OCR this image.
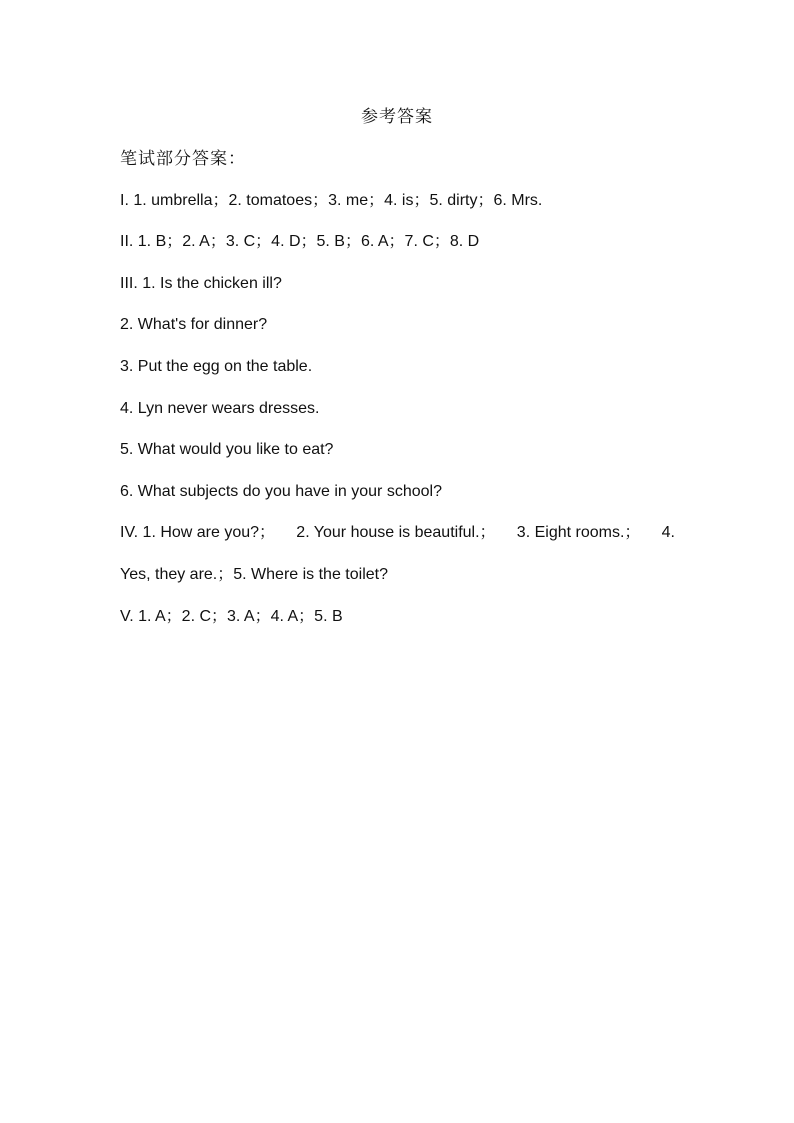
参考答案
笔试部分答案：
I. 1. umbrella；2. tomatoes；3. me；4. is；5. dirty；6. Mrs.
II. 1. B；2. A；3. C；4. D；5. B；6. A；7. C；8. D
III. 1. Is the chicken ill?
2. What's for dinner?
3. Put the egg on the table.
4. Lyn never wears dresses.
5. What would you like to eat?
6. What subjects do you have in your school?
IV. 1. How are you?； 2. Your house is beautiful.； 3. Eight rooms.； 4.
Yes, they are.；5. Where is the toilet?
V. 1. A；2. C；3. A；4. A；5. B
